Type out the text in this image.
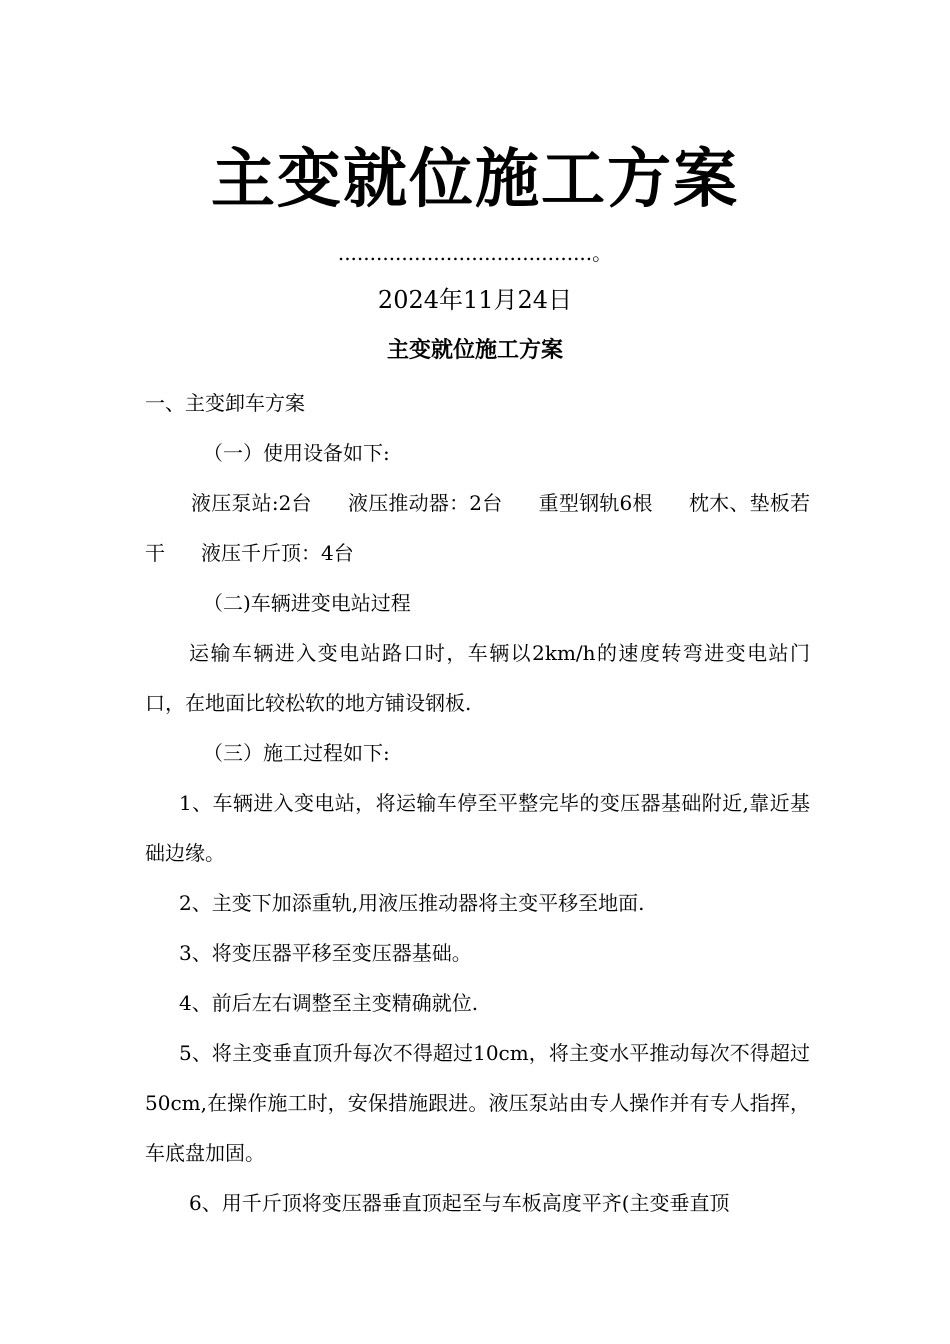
主变就位施工方案
........................................。
2024年11月24日
主变就位施工方案

一、主变卸车方案

（一）使用设备如下:

液压泵站:2台 液压推动器：2台 重型钢轨6根 枕木、垫板若干 液压千斤顶：4台

（二)车辆进变电站过程

运输车辆进入变电站路口时，车辆以2km/h的速度转弯进变电站门口，在地面比较松软的地方铺设钢板.

（三）施工过程如下:

1、车辆进入变电站，将运输车停至平整完毕的变压器基础附近,靠近基础边缘。

2、主变下加添重轨,用液压推动器将主变平移至地面.

3、将变压器平移至变压器基础。

4、前后左右调整至主变精确就位.

5、将主变垂直顶升每次不得超过10cm，将主变水平推动每次不得超过50cm,在操作施工时，安保措施跟进。液压泵站由专人操作并有专人指挥，车底盘加固。

6、用千斤顶将变压器垂直顶起至与车板高度平齐(主变垂直顶
